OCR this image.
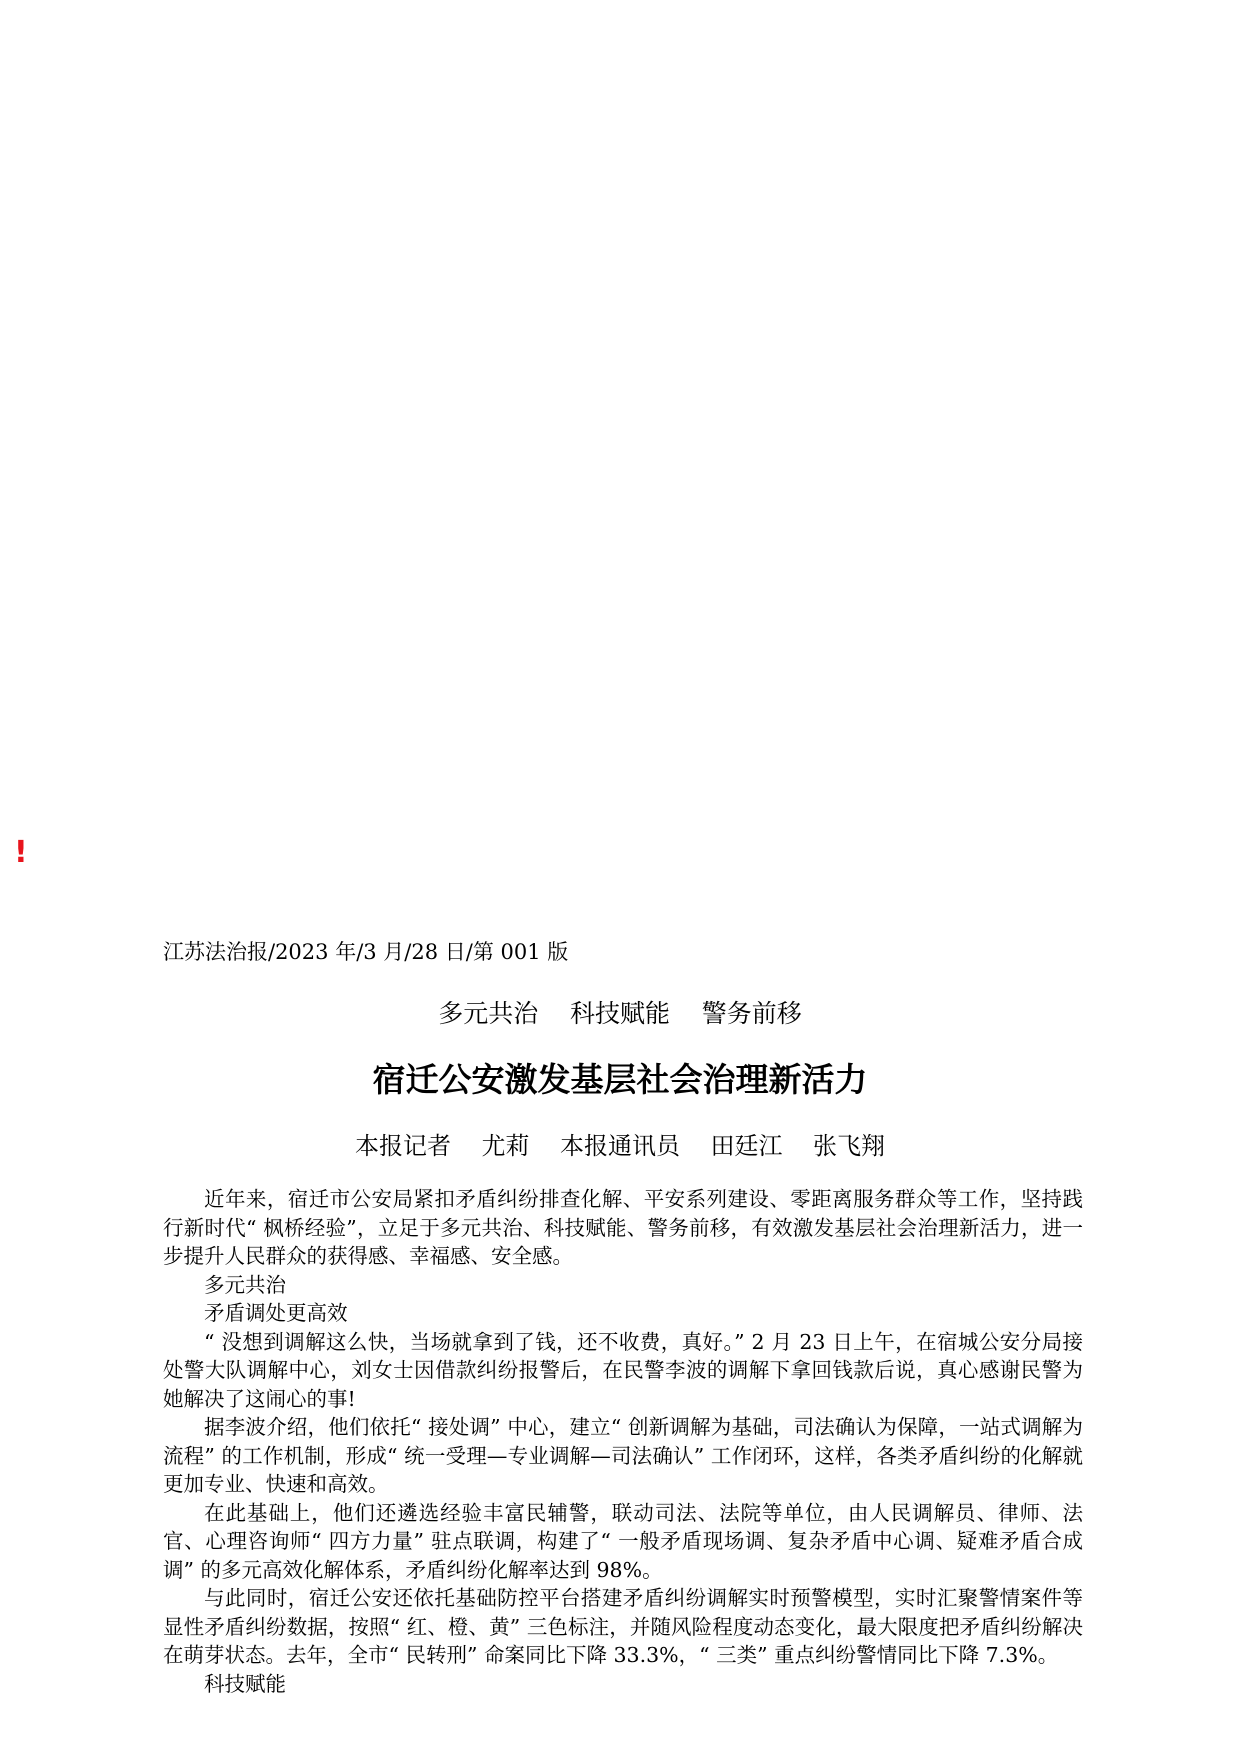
!
江苏法治报/2023 年/3 月/28 日/第 001 版
多元共治    科技赋能    警务前移
宿迁公安激发基层社会治理新活力
本报记者    尤莉    本报通讯员    田廷江    张飞翔

近年来，宿迁市公安局紧扣矛盾纠纷排查化解、平安系列建设、零距离服务群众等工作，坚持践行新时代“ 枫桥经验”，立足于多元共治、科技赋能、警务前移，有效激发基层社会治理新活力，进一步提升人民群众的获得感、幸福感、安全感。

多元共治

矛盾调处更高效

“ 没想到调解这么快，当场就拿到了钱，还不收费，真好。” 2 月 23 日上午，在宿城公安分局接处警大队调解中心，刘女士因借款纠纷报警后，在民警李波的调解下拿回钱款后说，真心感谢民警为她解决了这闹心的事!

据李波介绍，他们依托“ 接处调” 中心，建立“ 创新调解为基础，司法确认为保障，一站式调解为流程” 的工作机制，形成“ 统一受理—专业调解—司法确认” 工作闭环，这样，各类矛盾纠纷的化解就更加专业、快速和高效。

在此基础上，他们还遴选经验丰富民辅警，联动司法、法院等单位，由人民调解员、律师、法官、心理咨询师“ 四方力量” 驻点联调，构建了“ 一般矛盾现场调、复杂矛盾中心调、疑难矛盾合成调” 的多元高效化解体系，矛盾纠纷化解率达到 98%。

与此同时，宿迁公安还依托基础防控平台搭建矛盾纠纷调解实时预警模型，实时汇聚警情案件等显性矛盾纠纷数据，按照“ 红、橙、黄” 三色标注，并随风险程度动态变化，最大限度把矛盾纠纷解决在萌芽状态。去年，全市“ 民转刑” 命案同比下降 33.3%，“ 三类” 重点纠纷警情同比下降 7.3%。

科技赋能
